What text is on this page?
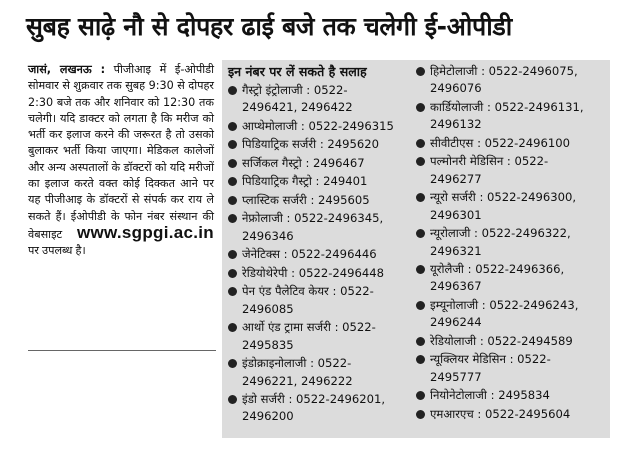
सुबह साढ़े नौ से दोपहर ढाई बजे तक चलेगी ई-ओपीडी
जासं, लखनऊ : पीजीआइ में ई-ओपीडी सोमवार से शुक्रवार तक सुबह 9:30 से दोपहर 2:30 बजे तक और शनिवार को 12:30 तक चलेगी। यदि डाक्टर को लगता है कि मरीज को भर्ती कर इलाज करने की जरूरत है तो उसको बुलाकर भर्ती किया जाएगा। मेडिकल कालेजों और अन्य अस्पतालों के डॉक्टरों को यदि मरीजों का इलाज करते वक्त कोई दिक्कत आने पर यह पीजीआइ के डॉक्टरों से संपर्क कर राय ले सकते हैं। ईओपीडी के फोन नंबर संस्थान की वेबसाइट www.sgpgi.ac.in पर उपलब्ध है।
इन नंबर पर लें सकते है सलाह
गैस्ट्रो इंट्रोलाजी : 0522-2496421, 2496422
आप्थेमोलाजी : 0522-2496315
पिडियाट्रिक सर्जरी : 2495620
सर्जिकल गैस्ट्रो : 2496467
पिडियाट्रिक गैस्ट्रो : 249401
प्लास्टिक सर्जरी : 2495605
नेफ्रोलाजी : 0522-2496345, 2496346
जेनेटिक्स : 0522-2496446
रेडियोथेरेपी : 0522-2496448
पेन एंड पैलेटिव केयर : 0522-2496085
आर्थो एंड ट्रामा सर्जरी : 0522-2495835
इंडोक्राइनोलाजी : 0522-2496221, 2496222
इंडो सर्जरी : 0522-2496201, 2496200
हिमेटोलाजी : 0522-2496075, 2496076
कार्डियोलाजी : 0522-2496131, 2496132
सीवीटीएस : 0522-2496100
पल्मोनरी मेडिसिन : 0522-2496277
न्यूरो सर्जरी : 0522-2496300, 2496301
न्यूरोलाजी : 0522-2496322, 2496321
यूरोलैजी : 0522-2496366, 2496367
इम्यूनोलाजी : 0522-2496243, 2496244
रेडियोलाजी : 0522-2494589
न्यूक्लियर मेडिसिन : 0522-2495777
नियोनेटोलाजी : 2495834
एमआरएच : 0522-2495604
